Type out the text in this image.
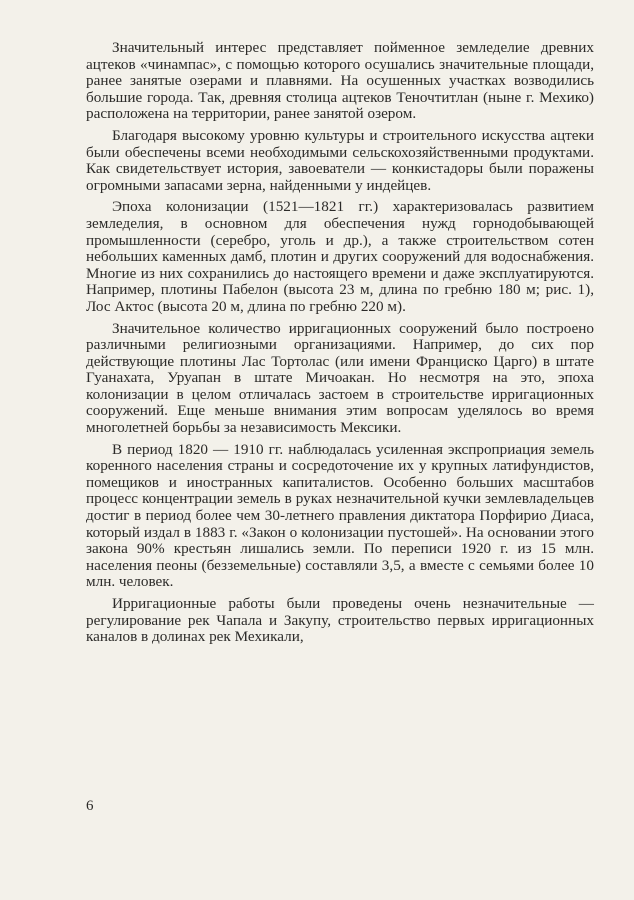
Значительный интерес представляет пойменное земледелие древних ацтеков «чинампас», с помощью которого осушались значительные площади, ранее занятые озерами и плавнями. На осушенных участках возводились большие города. Так, древняя столица ацтеков Теночтитлан (ныне г. Мехико) расположена на территории, ранее занятой озером.

Благодаря высокому уровню культуры и строительного искусства ацтеки были обеспечены всеми необходимыми сельскохозяйственными продуктами. Как свидетельствует история, завоеватели — конкистадоры были поражены огромными запасами зерна, найденными у индейцев.

Эпоха колонизации (1521—1821 гг.) характеризовалась развитием земледелия, в основном для обеспечения нужд горнодобывающей промышленности (серебро, уголь и др.), а также строительством сотен небольших каменных дамб, плотин и других сооружений для водоснабжения. Многие из них сохранились до настоящего времени и даже эксплуатируются. Например, плотины Пабелон (высота 23 м, длина по гребню 180 м; рис. 1), Лос Актос (высота 20 м, длина по гребню 220 м).

Значительное количество ирригационных сооружений было построено различными религиозными организациями. Например, до сих пор действующие плотины Лас Тортолас (или имени Франциско Царго) в штате Гуанахата, Уруапан в штате Мичоакан. Но несмотря на это, эпоха колонизации в целом отличалась застоем в строительстве ирригационных сооружений. Еще меньше внимания этим вопросам уделялось во время многолетней борьбы за независимость Мексики.

В период 1820 — 1910 гг. наблюдалась усиленная экспроприация земель коренного населения страны и сосредоточение их у крупных латифундистов, помещиков и иностранных капиталистов. Особенно больших масштабов процесс концентрации земель в руках незначительной кучки землевладельцев достиг в период более чем 30-летнего правления диктатора Порфирио Диаса, который издал в 1883 г. «Закон о колонизации пустошей». На основании этого закона 90% крестьян лишались земли. По переписи 1920 г. из 15 млн. населения пеоны (безземельные) составляли 3,5, а вместе с семьями более 10 млн. человек.

Ирригационные работы были проведены очень незначительные — регулирование рек Чапала и Закупу, строительство первых ирригационных каналов в долинах рек Мехикали,

6
